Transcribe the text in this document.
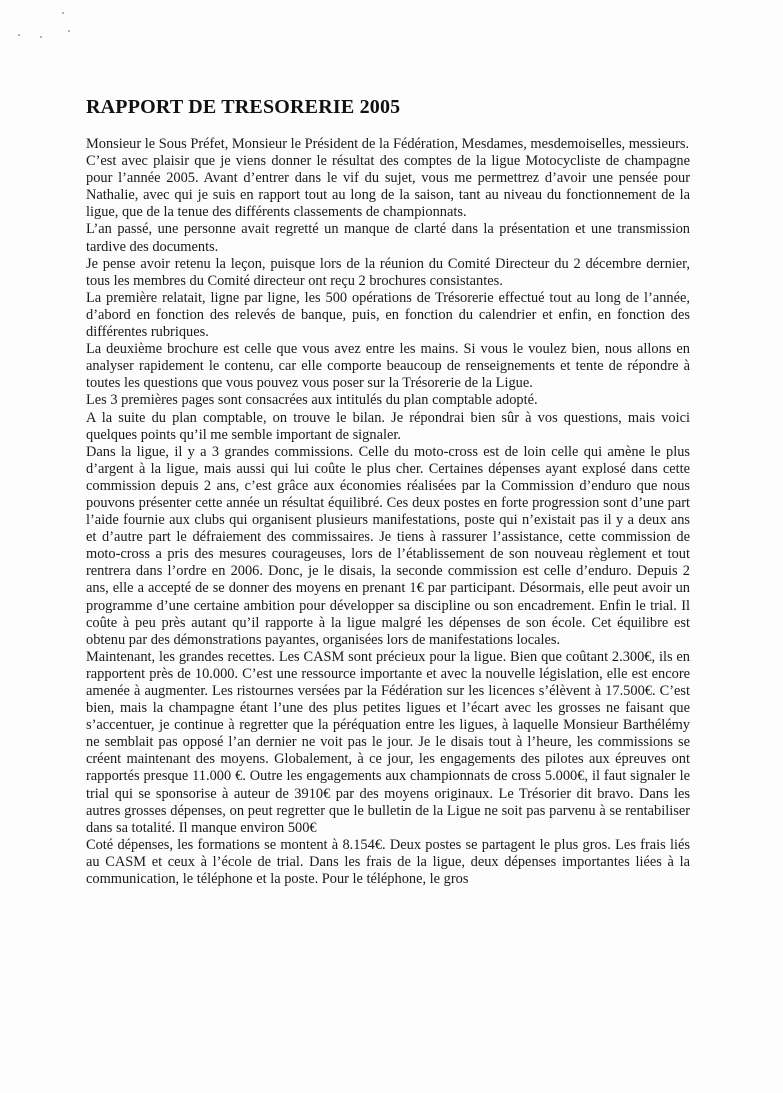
RAPPORT DE TRESORERIE 2005

Monsieur le Sous Préfet, Monsieur le Président de la Fédération, Mesdames, mesdemoiselles, messieurs.

C’est avec plaisir que je viens donner le résultat des comptes de la ligue Motocycliste de champagne pour l’année 2005. Avant d’entrer dans le vif du sujet, vous me permettrez d’avoir une pensée pour Nathalie, avec qui je suis en rapport tout au long de la saison, tant au niveau du fonctionnement de la ligue, que de la tenue des différents classements de championnats.

L’an passé, une personne avait regretté un manque de clarté dans la présentation et une transmission tardive des documents.

Je pense avoir retenu la leçon, puisque lors de la réunion du Comité Directeur du 2 décembre dernier, tous les membres du Comité directeur ont reçu 2 brochures consistantes.

La première relatait, ligne par ligne, les 500 opérations de Trésorerie effectué tout au long de l’année, d’abord en fonction des relevés de banque, puis, en fonction du calendrier et enfin, en fonction des différentes rubriques.

La deuxième brochure est celle que vous avez entre les mains. Si vous le voulez bien, nous allons en analyser rapidement le contenu, car elle comporte beaucoup de renseignements et tente de répondre à toutes les questions que vous pouvez vous poser sur la Trésorerie de la Ligue.

Les 3 premières pages sont consacrées aux intitulés du plan comptable adopté.

A la suite du plan comptable, on trouve le bilan. Je répondrai bien sûr à vos questions, mais voici quelques points qu’il me semble important de signaler.

Dans la ligue, il y a 3 grandes commissions. Celle du moto-cross est de loin celle qui amène le plus d’argent à la ligue, mais aussi qui lui coûte le plus cher. Certaines dépenses ayant explosé dans cette commission depuis 2 ans, c’est grâce aux économies réalisées par la Commission d’enduro que nous pouvons présenter cette année un résultat équilibré. Ces deux postes en forte progression sont d’une part l’aide fournie aux clubs qui organisent plusieurs manifestations, poste qui n’existait pas il y a deux ans et d’autre part le défraiement des commissaires. Je tiens à rassurer l’assistance, cette commission de moto-cross a pris des mesures courageuses, lors de l’établissement de son nouveau règlement et tout rentrera dans l’ordre en 2006. Donc, je le disais, la seconde commission est celle d’enduro. Depuis 2 ans, elle a accepté de se donner des moyens en prenant 1€ par participant. Désormais, elle peut avoir un programme d’une certaine ambition pour développer sa discipline ou son encadrement. Enfin le trial. Il coûte à peu près autant qu’il rapporte à la ligue malgré les dépenses de son école. Cet équilibre est obtenu par des démonstrations payantes, organisées lors de manifestations locales.

Maintenant, les grandes recettes. Les CASM sont précieux pour la ligue. Bien que coûtant 2.300€, ils en rapportent près de 10.000. C’est une ressource importante et avec la nouvelle législation, elle est encore amenée à augmenter. Les ristournes versées par la Fédération sur les licences s’élèvent à 17.500€. C’est bien, mais la champagne étant l’une des plus petites ligues et l’écart avec les grosses ne faisant que s’accentuer, je continue à regretter que la péréquation entre les ligues, à laquelle Monsieur Barthélémy ne semblait pas opposé l’an dernier ne voit pas le jour. Je le disais tout à l’heure, les commissions se créent maintenant des moyens. Globalement, à ce jour, les engagements des pilotes aux épreuves ont rapportés presque 11.000 €. Outre les engagements aux championnats de cross 5.000€, il faut signaler le trial qui se sponsorise à auteur de 3910€ par des moyens originaux. Le Trésorier dit bravo. Dans les autres grosses dépenses, on peut regretter que le bulletin de la Ligue ne soit pas parvenu à se rentabiliser dans sa totalité. Il manque environ 500€

Coté dépenses, les formations se montent à 8.154€. Deux postes se partagent le plus gros. Les frais liés au CASM et ceux à l’école de trial. Dans les frais de la ligue, deux dépenses importantes liées à la communication, le téléphone et la poste. Pour le téléphone, le gros
